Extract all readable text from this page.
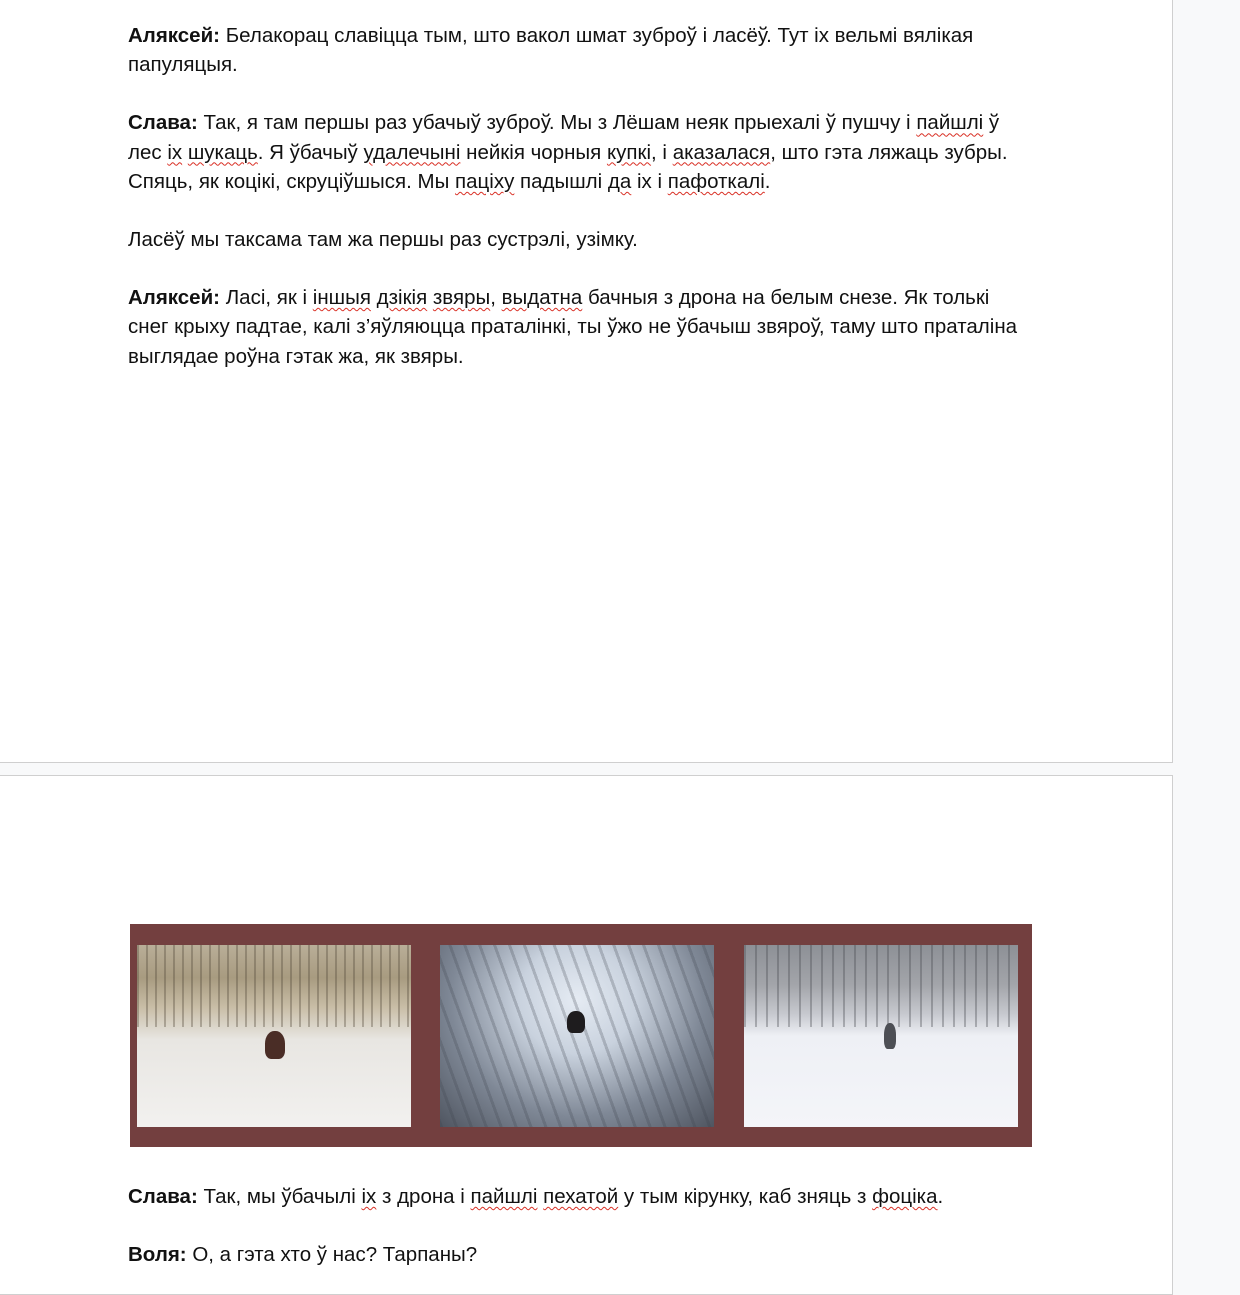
Аляксей: Белакорац славіцца тым, што вакол шмат зуброў і ласёў. Тут іх вельмі вялікая папуляцыя.

Слава: Так, я там першы раз убачыў зуброў. Мы з Лёшам неяк прыехалі ў пушчу і пайшлі ў лес іх шукаць. Я ўбачыў удалечыні нейкія чорныя купкі, і аказалася, што гэта ляжаць зубры. Спяць, як коцікі, скруціўшыся. Мы паціху падышлі да іх і пафоткалі.

Ласёў мы таксама там жа першы раз сустрэлі, узімку.

Аляксей: Ласі, як і іншыя дзікія звяры, выдатна бачныя з дрона на белым снезе. Як толькі снег крыху падтае, калі з’яўляюцца праталінкі, ты ўжо не ўбачыш звяроў, таму што праталіна выглядае роўна гэтак жа, як звяры.

Слава: Так, мы ўбачылі іх з дрона і пайшлі пехатой у тым кірунку, каб зняць з фоціка.

Воля: О, а гэта хто ў нас? Тарпаны?
